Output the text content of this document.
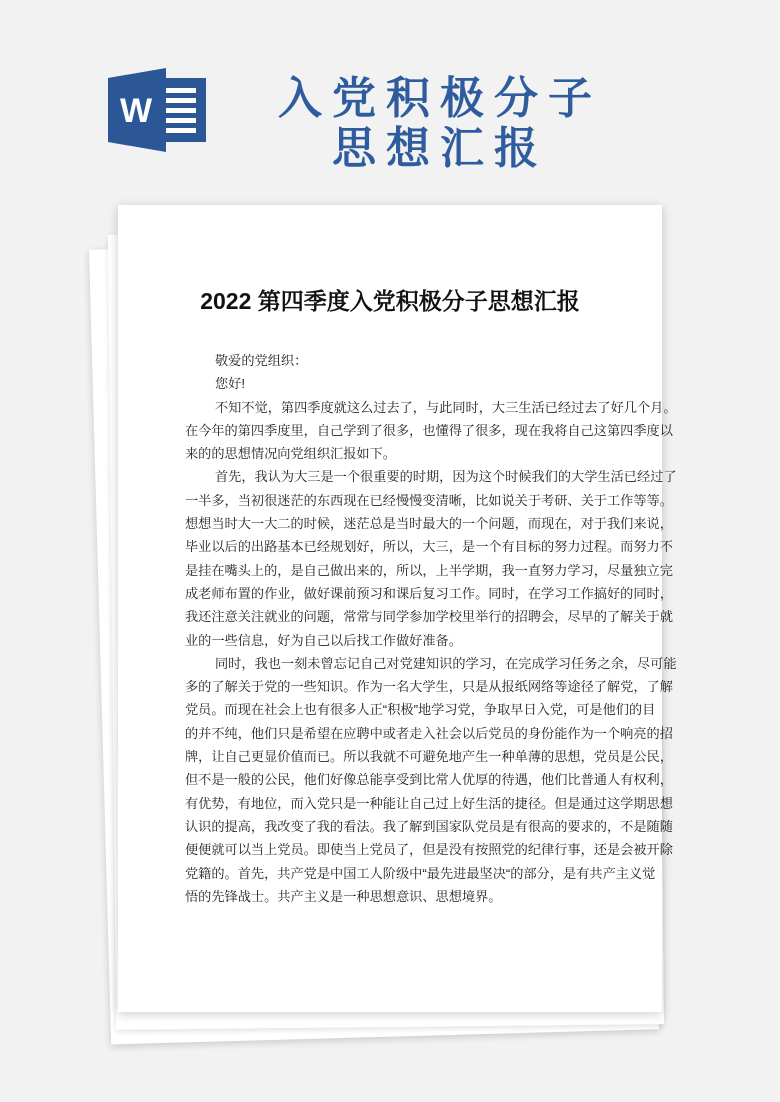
W	入党积极分子
思想汇报
2022 第四季度入党积极分子思想汇报
敬爱的党组织：
您好!
不知不觉，第四季度就这么过去了，与此同时，大三生活已经过去了好几个月。
在今年的第四季度里，自己学到了很多，也懂得了很多，现在我将自己这第四季度以
来的的思想情况向党组织汇报如下。
首先，我认为大三是一个很重要的时期，因为这个时候我们的大学生活已经过了
一半多，当初很迷茫的东西现在已经慢慢变清晰，比如说关于考研、关于工作等等。
想想当时大一大二的时候，迷茫总是当时最大的一个问题，而现在，对于我们来说，
毕业以后的出路基本已经规划好，所以，大三，是一个有目标的努力过程。而努力不
是挂在嘴头上的，是自己做出来的，所以，上半学期，我一直努力学习，尽量独立完
成老师布置的作业，做好课前预习和课后复习工作。同时，在学习工作搞好的同时，
我还注意关注就业的问题，常常与同学参加学校里举行的招聘会，尽早的了解关于就
业的一些信息，好为自己以后找工作做好准备。
同时，我也一刻未曾忘记自己对党建知识的学习，在完成学习任务之余，尽可能
多的了解关于党的一些知识。作为一名大学生，只是从报纸网络等途径了解党，了解
党员。而现在社会上也有很多人正“积极”地学习党，争取早日入党，可是他们的目
的并不纯，他们只是希望在应聘中或者走入社会以后党员的身份能作为一个响亮的招
牌，让自己更显价值而已。所以我就不可避免地产生一种单薄的思想，党员是公民，
但不是一般的公民，他们好像总能享受到比常人优厚的待遇，他们比普通人有权利，
有优势，有地位，而入党只是一种能让自己过上好生活的捷径。但是通过这学期思想
认识的提高，我改变了我的看法。我了解到国家队党员是有很高的要求的，不是随随
便便就可以当上党员。即使当上党员了，但是没有按照党的纪律行事，还是会被开除
党籍的。首先，共产党是中国工人阶级中“最先进最坚决“的部分，是有共产主义觉
悟的先锋战士。共产主义是一种思想意识、思想境界。
